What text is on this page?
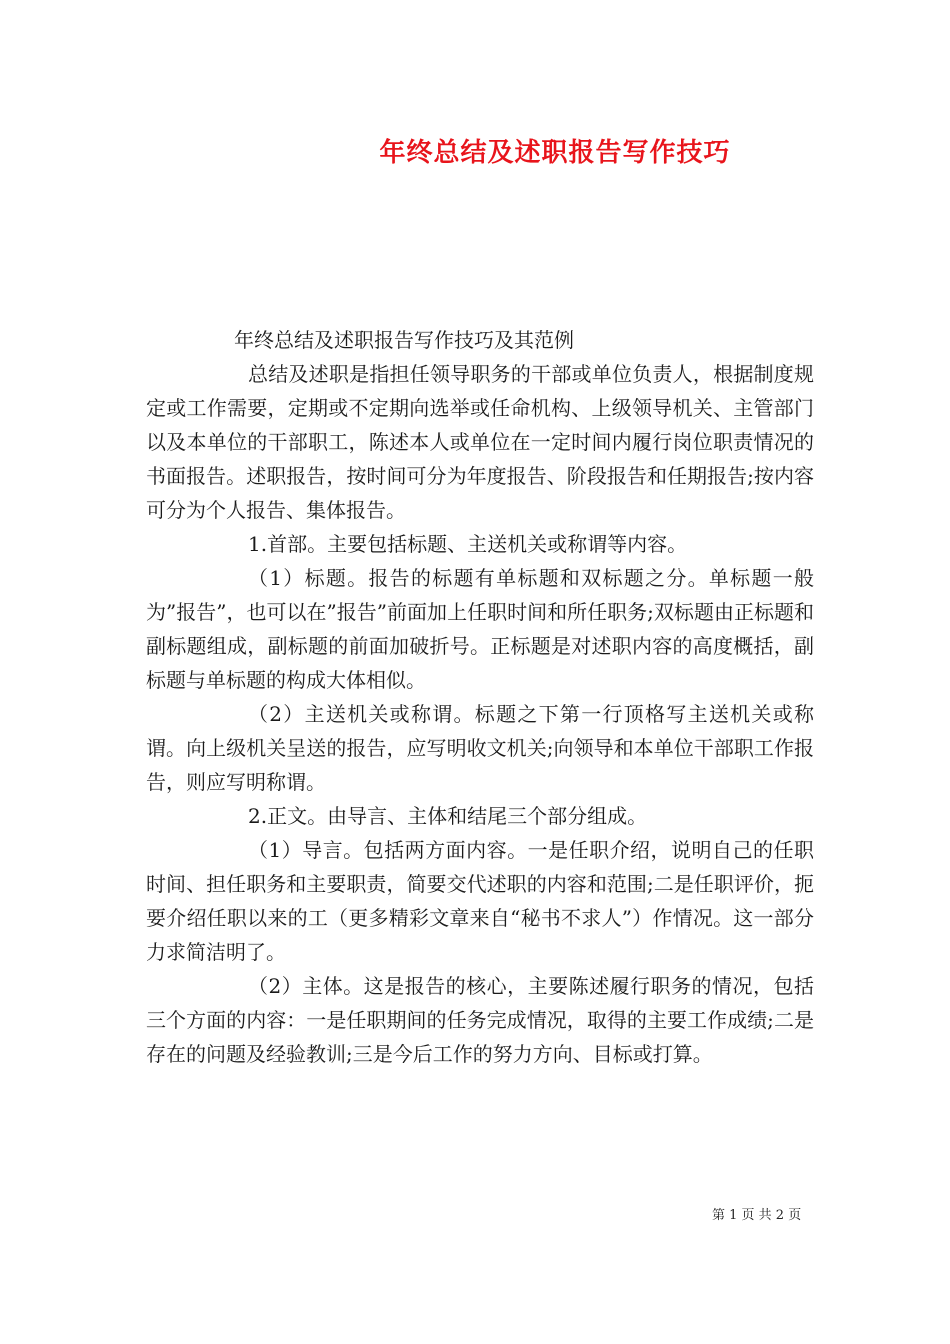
年终总结及述职报告写作技巧

年终总结及述职报告写作技巧及其范例

总结及述职是指担任领导职务的干部或单位负责人，根据制度规定或工作需要，定期或不定期向选举或任命机构、上级领导机关、主管部门以及本单位的干部职工，陈述本人或单位在一定时间内履行岗位职责情况的书面报告。述职报告，按时间可分为年度报告、阶段报告和任期报告;按内容可分为个人报告、集体报告。

1.首部。主要包括标题、主送机关或称谓等内容。

（1）标题。报告的标题有单标题和双标题之分。单标题一般为”报告”，也可以在”报告”前面加上任职时间和所任职务;双标题由正标题和副标题组成，副标题的前面加破折号。正标题是对述职内容的高度概括，副标题与单标题的构成大体相似。

（2）主送机关或称谓。标题之下第一行顶格写主送机关或称谓。向上级机关呈送的报告，应写明收文机关;向领导和本单位干部职工作报告，则应写明称谓。

2.正文。由导言、主体和结尾三个部分组成。

（1）导言。包括两方面内容。一是任职介绍，说明自己的任职时间、担任职务和主要职责，简要交代述职的内容和范围;二是任职评价，扼要介绍任职以来的工（更多精彩文章来自“秘书不求人”）作情况。这一部分力求简洁明了。

（2）主体。这是报告的核心，主要陈述履行职务的情况，包括三个方面的内容：一是任职期间的任务完成情况，取得的主要工作成绩;二是存在的问题及经验教训;三是今后工作的努力方向、目标或打算。

第 1 页 共 2 页
